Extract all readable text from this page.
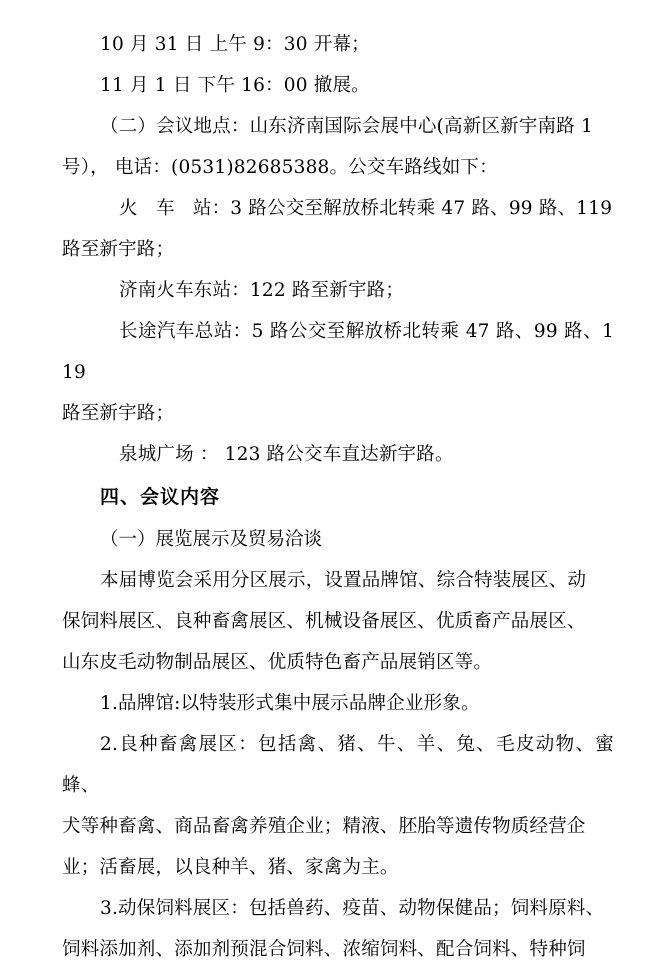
10 月 31 日 上午 9：30 开幕；
11 月 1 日 下午 16：00 撤展。
（二）会议地点：山东济南国际会展中心(高新区新宇南路 1
号）， 电话：(0531)82685388。公交车路线如下：
火   车   站：3 路公交至解放桥北转乘 47 路、99 路、119
路至新宇路；
济南火车东站：122 路至新宇路；
长途汽车总站：5 路公交至解放桥北转乘 47 路、99 路、119
路至新宇路；
泉城广场 ： 123 路公交车直达新宇路。
四、会议内容
（一）展览展示及贸易洽谈
本届博览会采用分区展示，设置品牌馆、综合特装展区、动
保饲料展区、良种畜禽展区、机械设备展区、优质畜产品展区、
山东皮毛动物制品展区、优质特色畜产品展销区等。
1.品牌馆:以特装形式集中展示品牌企业形象。
2.良种畜禽展区：包括禽、猪、牛、羊、兔、毛皮动物、蜜蜂、
犬等种畜禽、商品畜禽养殖企业；精液、胚胎等遗传物质经营企
业；活畜展，以良种羊、猪、家禽为主。
3.动保饲料展区：包括兽药、疫苗、动物保健品；饲料原料、
饲料添加剂、添加剂预混合饲料、浓缩饲料、配合饲料、特种饲
